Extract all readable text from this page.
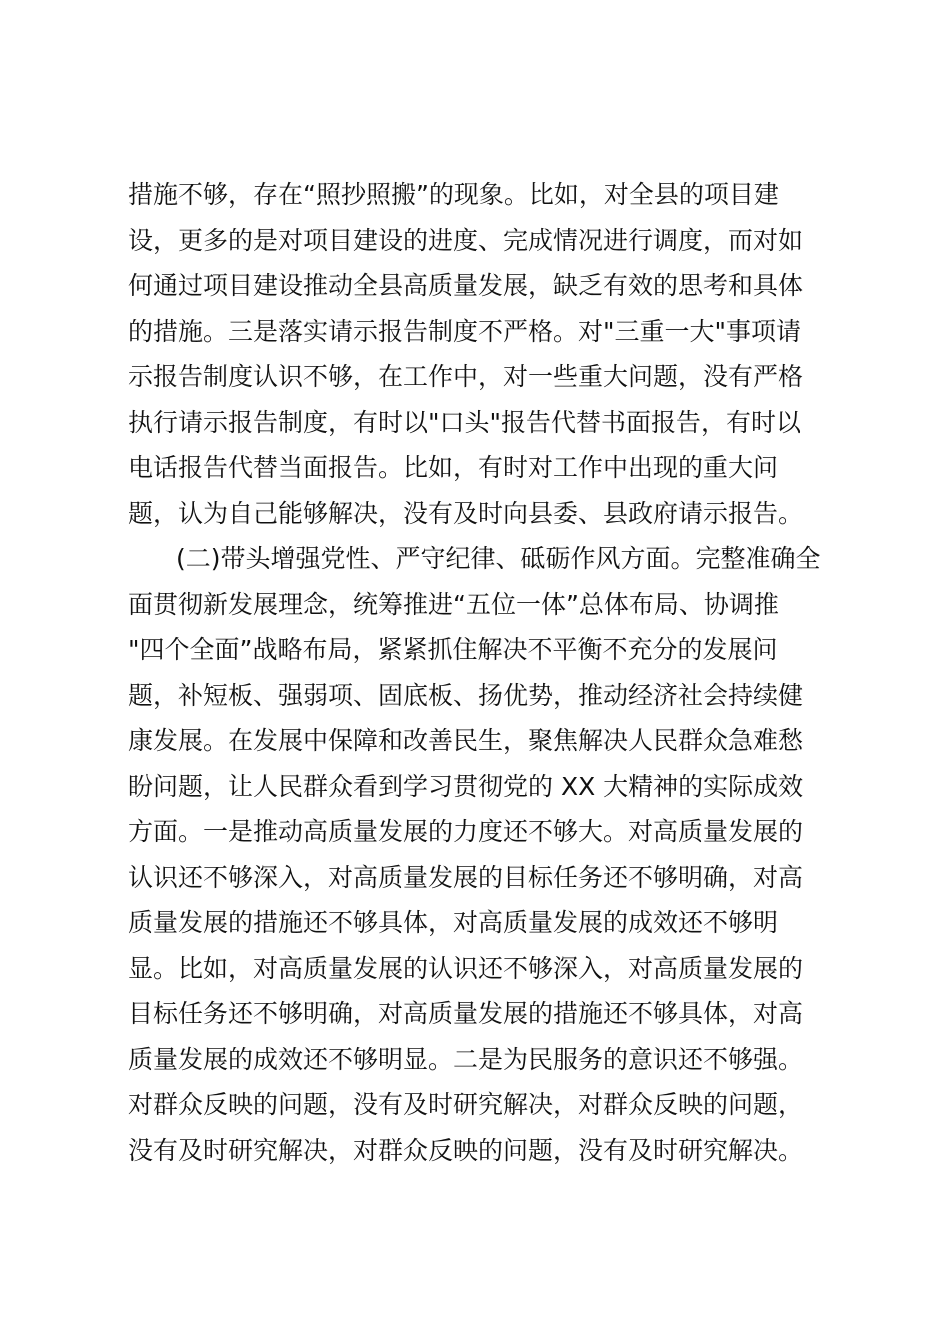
措施不够，存在“照抄照搬”的现象。比如，对全县的项目建
设，更多的是对项目建设的进度、完成情况进行调度，而对如
何通过项目建设推动全县高质量发展，缺乏有效的思考和具体
的措施。三是落实请示报告制度不严格。对"三重一大"事项请
示报告制度认识不够，在工作中，对一些重大问题，没有严格
执行请示报告制度，有时以"口头"报告代替书面报告，有时以
电话报告代替当面报告。比如，有时对工作中出现的重大问
题，认为自己能够解决，没有及时向县委、县政府请示报告。
(二)带头增强党性、严守纪律、砥砺作风方面。完整准确全
面贯彻新发展理念，统筹推进“五位一体”总体布局、协调推
"四个全面”战略布局，紧紧抓住解决不平衡不充分的发展问
题，补短板、强弱项、固底板、扬优势，推动经济社会持续健
康发展。在发展中保障和改善民生，聚焦解决人民群众急难愁
盼问题，让人民群众看到学习贯彻党的 XX 大精神的实际成效
方面。一是推动高质量发展的力度还不够大。对高质量发展的
认识还不够深入，对高质量发展的目标任务还不够明确，对高
质量发展的措施还不够具体，对高质量发展的成效还不够明
显。比如，对高质量发展的认识还不够深入，对高质量发展的
目标任务还不够明确，对高质量发展的措施还不够具体，对高
质量发展的成效还不够明显。二是为民服务的意识还不够强。
对群众反映的问题，没有及时研究解决，对群众反映的问题，
没有及时研究解决，对群众反映的问题，没有及时研究解决。
